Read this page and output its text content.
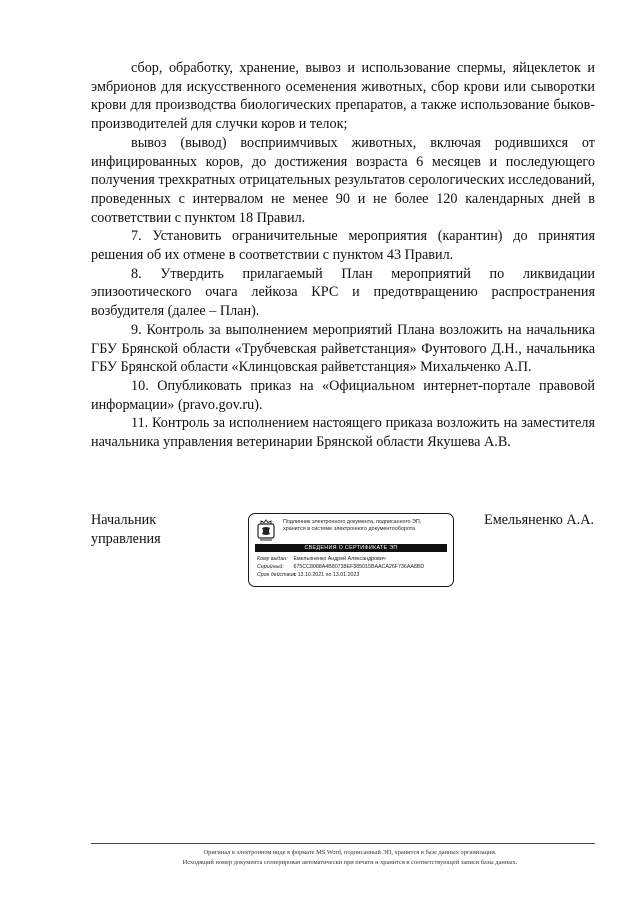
сбор, обработку, хранение, вывоз и использование спермы, яйцеклеток и эмбрионов для искусственного осеменения животных, сбор крови или сыворотки крови для производства биологических препаратов, а также использование быков-производителей для случки коров и телок;

вывоз (вывод) восприимчивых животных, включая родившихся от инфицированных коров, до достижения возраста 6 месяцев и последующего получения трехкратных отрицательных результатов серологических исследований, проведенных с интервалом не менее 90 и не более 120 календарных дней в соответствии с пунктом 18 Правил.

7. Установить ограничительные мероприятия (карантин) до принятия решения об их отмене в соответствии с пунктом 43 Правил.

8. Утвердить прилагаемый План мероприятий по ликвидации эпизоотического очага лейкоза КРС и предотвращению распространения возбудителя (далее – План).

9. Контроль за выполнением мероприятий Плана возложить на начальника ГБУ Брянской области «Трубчевская райветстанция» Фунтового Д.Н., начальника ГБУ Брянской области «Клинцовская райветстанция» Михальченко А.П.

10. Опубликовать приказ на «Официальном интернет-портале правовой информации» (pravo.gov.ru).

11. Контроль за исполнением настоящего приказа возложить на заместителя начальника управления ветеринарии Брянской области Якушева А.В.

Начальник
управления
Подлинник электронного документа, подписанного ЭП,
хранится в системе электронного документооборота
СВЕДЕНИЯ О СЕРТИФИКАТЕ ЭП
Кому выдан: Емельяненко Андрей Александрович
Серийный: 675CC8088A4B80738EF385015BAACA26F736AA8BD
Срок действия: с 13.10.2021 по 13.01.2023
Емельяненко А.А.
Оригинал в электронном виде в формате MS Word, подписанный ЭП, хранится в базе данных организации.
Исходящий номер документа сгенерирован автоматически при печати и хранится в соответствующей записи базы данных.
